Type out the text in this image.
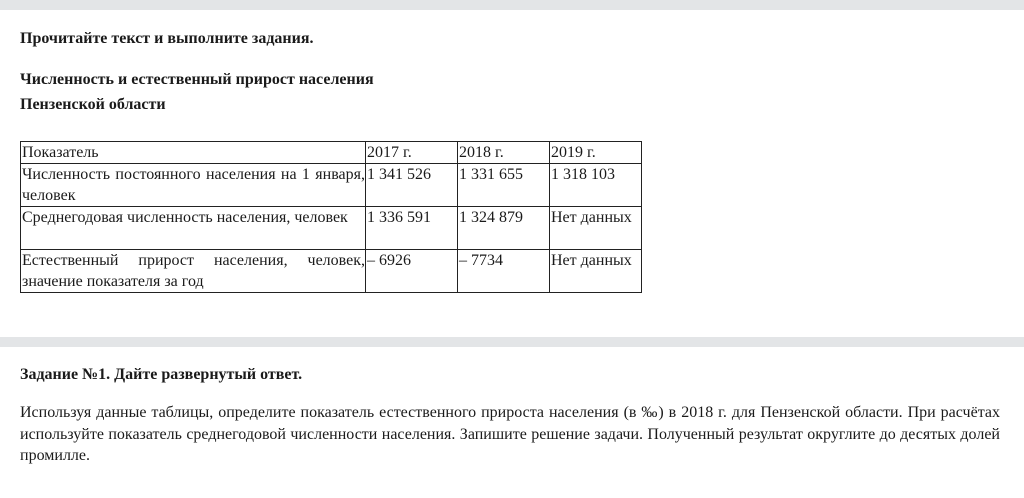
Прочитайте текст и выполните задания.
Численность и естественный прирост населения
Пензенской области
Показатель	2017 г.	2018 г.	2019 г.
Численность постоянного населения на 1 января, человек	1 341 526	1 331 655	1 318 103
Среднегодовая численность населения, человек	1 336 591	1 324 879	Нет данных
Естественный прирост населения, человек, значение показателя за год	– 6926	– 7734	Нет данных
Задание №1. Дайте развернутый ответ.
Используя данные таблицы, определите показатель естественного прироста населения (в ‰) в 2018 г. для Пензенской области. При расчётах используйте показатель среднегодовой численности населения. Запишите решение задачи. Полученный результат округлите до десятых долей промилле.
